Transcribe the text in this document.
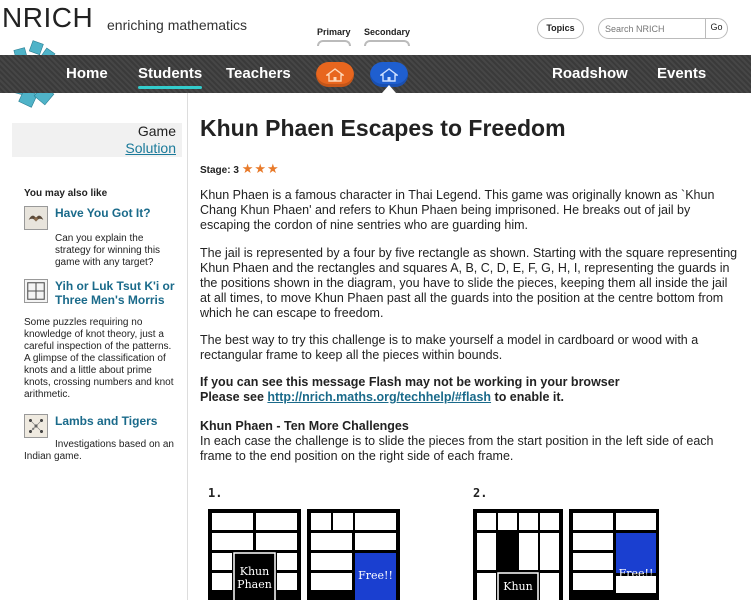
NRICH enriching mathematics	Primary Secondary	Topics
Search NRICH	Go
Home Students Teachers	Roadshow Events
Game
Solution
You may also like
Have You Got It?
Can you explain the strategy for winning this game with any target?
Yih or Luk Tsut K'i or Three Men's Morris
Some puzzles requiring no knowledge of knot theory, just a careful inspection of the patterns. A glimpse of the classification of knots and a little about prime knots, crossing numbers and knot arithmetic.
Lambs and Tigers
Investigations based on an Indian game.
Khun Phaen Escapes to Freedom
Stage: 3 ★★★
Khun Phaen is a famous character in Thai Legend. This game was originally known as `Khun Chang Khun Phaen' and refers to Khun Phaen being imprisoned. He breaks out of jail by escaping the cordon of nine sentries who are guarding him.
The jail is represented by a four by five rectangle as shown. Starting with the square representing Khun Phaen and the rectangles and squares A, B, C, D, E, F, G, H, I, representing the guards in the positions shown in the diagram, you have to slide the pieces, keeping them all inside the jail at all times, to move Khun Phaen past all the guards into the position at the centre bottom from which he can escape to freedom.
The best way to try this challenge is to make yourself a model in cardboard or wood with a rectangular frame to keep all the pieces within bounds.
If you can see this message Flash may not be working in your browser
Please see http://nrich.maths.org/techhelp/#flash to enable it.
Khun Phaen - Ten More Challenges
In each case the challenge is to slide the pieces from the start position in the left side of each frame to the end position on the right side of each frame.
1.
Khun
Phaen
Free!!
2.
Khun
Free!!
